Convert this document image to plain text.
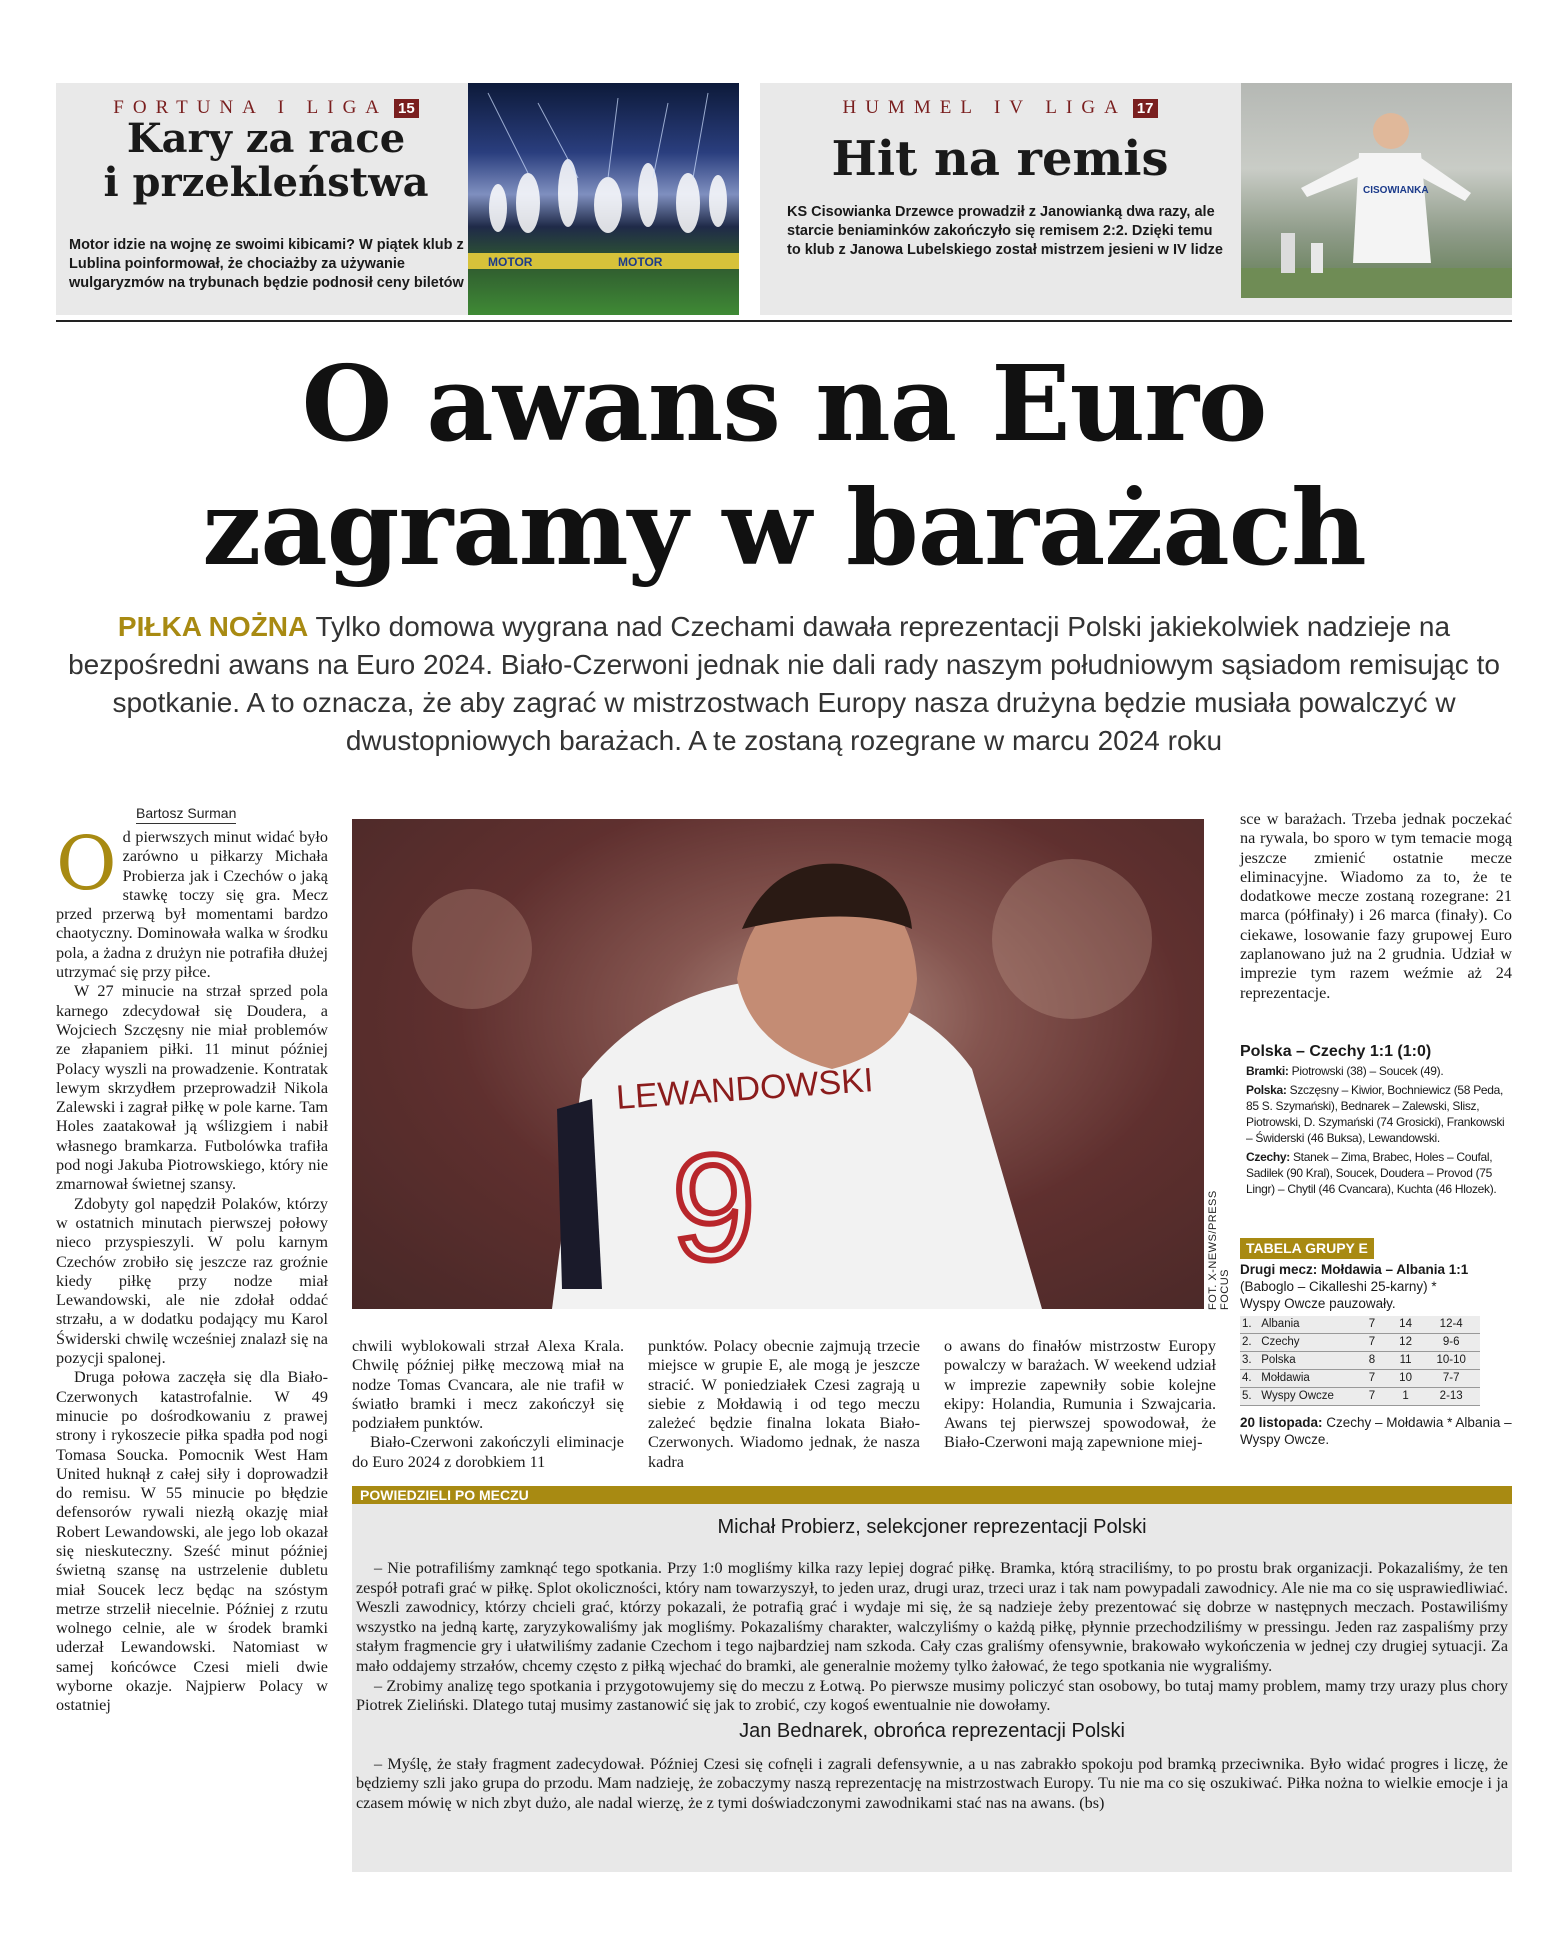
FORTUNA I LIGA 15
Kary za race
i przekleństwa
Motor idzie na wojnę ze swoimi kibicami? W piątek klub z Lublina poinformował, że chociażby za używanie wulgaryzmów na trybunach będzie podnosił ceny biletów
MOTOR	MOTOR
HUMMEL IV LIGA 17
Hit na remis
KS Cisowianka Drzewce prowadził z Janowianką dwa razy, ale starcie beniaminków zakończyło się remisem 2:2. Dzięki temu to klub z Janowa Lubelskiego został mistrzem jesieni w IV lidze
CISOWIANKA
O awans na Euro
zagramy w barażach
PIŁKA NOŻNA Tylko domowa wygrana nad Czechami dawała reprezentacji Polski jakiekolwiek nadzieje na bezpośredni awans na Euro 2024. Biało-Czerwoni jednak nie dali rady naszym południowym sąsiadom remisując to spotkanie. A to oznacza, że aby zagrać w mistrzostwach Europy nasza drużyna będzie musiała powalczyć w dwustopniowych barażach. A te zostaną rozegrane w marcu 2024 roku
Bartosz Surman

Od pierwszych minut widać było zarówno u piłkarzy Michała Probierza jak i Czechów o jaką stawkę toczy się gra. Mecz przed przerwą był momentami bardzo chaotyczny. Dominowała walka w środku pola, a żadna z drużyn nie potrafiła dłużej utrzymać się przy piłce.

W 27 minucie na strzał sprzed pola karnego zdecydował się Doudera, a Wojciech Szczęsny nie miał problemów ze złapaniem piłki. 11 minut później Polacy wyszli na prowadzenie. Kontratak lewym skrzydłem przeprowadził Nikola Zalewski i zagrał piłkę w pole karne. Tam Holes zaatakował ją wślizgiem i nabił własnego bramkarza. Futbolówka trafiła pod nogi Jakuba Piotrowskiego, który nie zmarnował świetnej szansy.

Zdobyty gol napędził Polaków, którzy w ostatnich minutach pierwszej połowy nieco przyspieszyli. W polu karnym Czechów zrobiło się jeszcze raz groźnie kiedy piłkę przy nodze miał Lewandowski, ale nie zdołał oddać strzału, a w dodatku podający mu Karol Świderski chwilę wcześniej znalazł się na pozycji spalonej.

Druga połowa zaczęła się dla Biało-Czerwonych katastrofalnie. W 49 minucie po dośrodkowaniu z prawej strony i rykoszecie piłka spadła pod nogi Tomasa Soucka. Pomocnik West Ham United huknął z całej siły i doprowadził do remisu. W 55 minucie po błędzie defensorów rywali niezłą okazję miał Robert Lewandowski, ale jego lob okazał się nieskuteczny. Sześć minut później świetną szansę na ustrzelenie dubletu miał Soucek lecz będąc na szóstym metrze strzelił niecelnie. Później z rzutu wolnego celnie, ale w środek bramki uderzał Lewandowski. Natomiast w samej końcówce Czesi mieli dwie wyborne okazje. Najpierw Polacy w ostatniej

LEWANDOWSKI
9	FOT. X-NEWS/PRESS FOCUS

chwili wyblokowali strzał Alexa Krala. Chwilę później piłkę meczową miał na nodze Tomas Cvancara, ale nie trafił w światło bramki i mecz zakończył się podziałem punktów.

Biało-Czerwoni zakończyli eliminacje do Euro 2024 z dorobkiem 11

punktów. Polacy obecnie zajmują trzecie miejsce w grupie E, ale mogą je jeszcze stracić. W poniedziałek Czesi zagrają u siebie z Mołdawią i od tego meczu zależeć będzie finalna lokata Biało-Czerwonych. Wiadomo jednak, że nasza kadra

o awans do finałów mistrzostw Europy powalczy w barażach. W weekend udział w imprezie zapewniły sobie kolejne ekipy: Holandia, Rumunia i Szwajcaria. Awans tej pierwszej spowodował, że Biało-Czerwoni mają zapewnione miej-

sce w barażach. Trzeba jednak poczekać na rywala, bo sporo w tym temacie mogą jeszcze zmienić ostatnie mecze eliminacyjne. Wiadomo za to, że te dodatkowe mecze zostaną rozegrane: 21 marca (półfinały) i 26 marca (finały). Co ciekawe, losowanie fazy grupowej Euro zaplanowano już na 2 grudnia. Udział w imprezie tym razem weźmie aż 24 reprezentacje.

Polska – Czechy 1:1 (1:0)
Bramki: Piotrowski (38) – Soucek (49).
Polska: Szczęsny – Kiwior, Bochniewicz (58 Peda, 85 S. Szymański), Bednarek – Zalewski, Slisz, Piotrowski, D. Szymański (74 Grosicki), Frankowski – Świderski (46 Buksa), Lewandowski.
Czechy: Stanek – Zima, Brabec, Holes – Coufal, Sadilek (90 Kral), Soucek, Doudera – Provod (75 Lingr) – Chytil (46 Cvancara), Kuchta (46 Hlozek).
TABELA GRUPY E
Drugi mecz: Mołdawia – Albania 1:1 (Baboglo – Cikalleshi 25-karny) *
Wyspy Owcze pauzowały.
1.	Albania	7	14	12-4
2.	Czechy	7	12	9-6
3.	Polska	8	11	10-10
4.	Mołdawia	7	10	7-7
5.	Wyspy Owcze	7	1	2-13
20 listopada: Czechy – Mołdawia * Albania – Wyspy Owcze.
POWIEDZIELI PO MECZU
Michał Probierz, selekcjoner reprezentacji Polski
– Nie potrafiliśmy zamknąć tego spotkania. Przy 1:0 mogliśmy kilka razy lepiej dograć piłkę. Bramka, którą straciliśmy, to po prostu brak organizacji. Pokazaliśmy, że ten zespół potrafi grać w piłkę. Splot okoliczności, który nam towarzyszył, to jeden uraz, drugi uraz, trzeci uraz i tak nam powypadali zawodnicy. Ale nie ma co się usprawiedliwiać. Weszli zawodnicy, którzy chcieli grać, którzy pokazali, że potrafią grać i wydaje mi się, że są nadzieje żeby prezentować się dobrze w następnych meczach. Postawiliśmy wszystko na jedną kartę, zaryzykowaliśmy jak mogliśmy. Pokazaliśmy charakter, walczyliśmy o każdą piłkę, płynnie przechodziliśmy w pressingu. Jeden raz zaspaliśmy przy stałym fragmencie gry i ułatwiliśmy zadanie Czechom i tego najbardziej nam szkoda. Cały czas graliśmy ofensywnie, brakowało wykończenia w jednej czy drugiej sytuacji. Za mało oddajemy strzałów, chcemy często z piłką wjechać do bramki, ale generalnie możemy tylko żałować, że tego spotkania nie wygraliśmy.
– Zrobimy analizę tego spotkania i przygotowujemy się do meczu z Łotwą. Po pierwsze musimy policzyć stan osobowy, bo tutaj mamy problem, mamy trzy urazy plus chory Piotrek Zieliński. Dlatego tutaj musimy zastanowić się jak to zrobić, czy kogoś ewentualnie nie dowołamy.
Jan Bednarek, obrońca reprezentacji Polski
– Myślę, że stały fragment zadecydował. Później Czesi się cofnęli i zagrali defensywnie, a u nas zabrakło spokoju pod bramką przeciwnika. Było widać progres i liczę, że będziemy szli jako grupa do przodu. Mam nadzieję, że zobaczymy naszą reprezentację na mistrzostwach Europy. Tu nie ma co się oszukiwać. Piłka nożna to wielkie emocje i ja czasem mówię w nich zbyt dużo, ale nadal wierzę, że z tymi doświadczonymi zawodnikami stać nas na awans. (bs)
